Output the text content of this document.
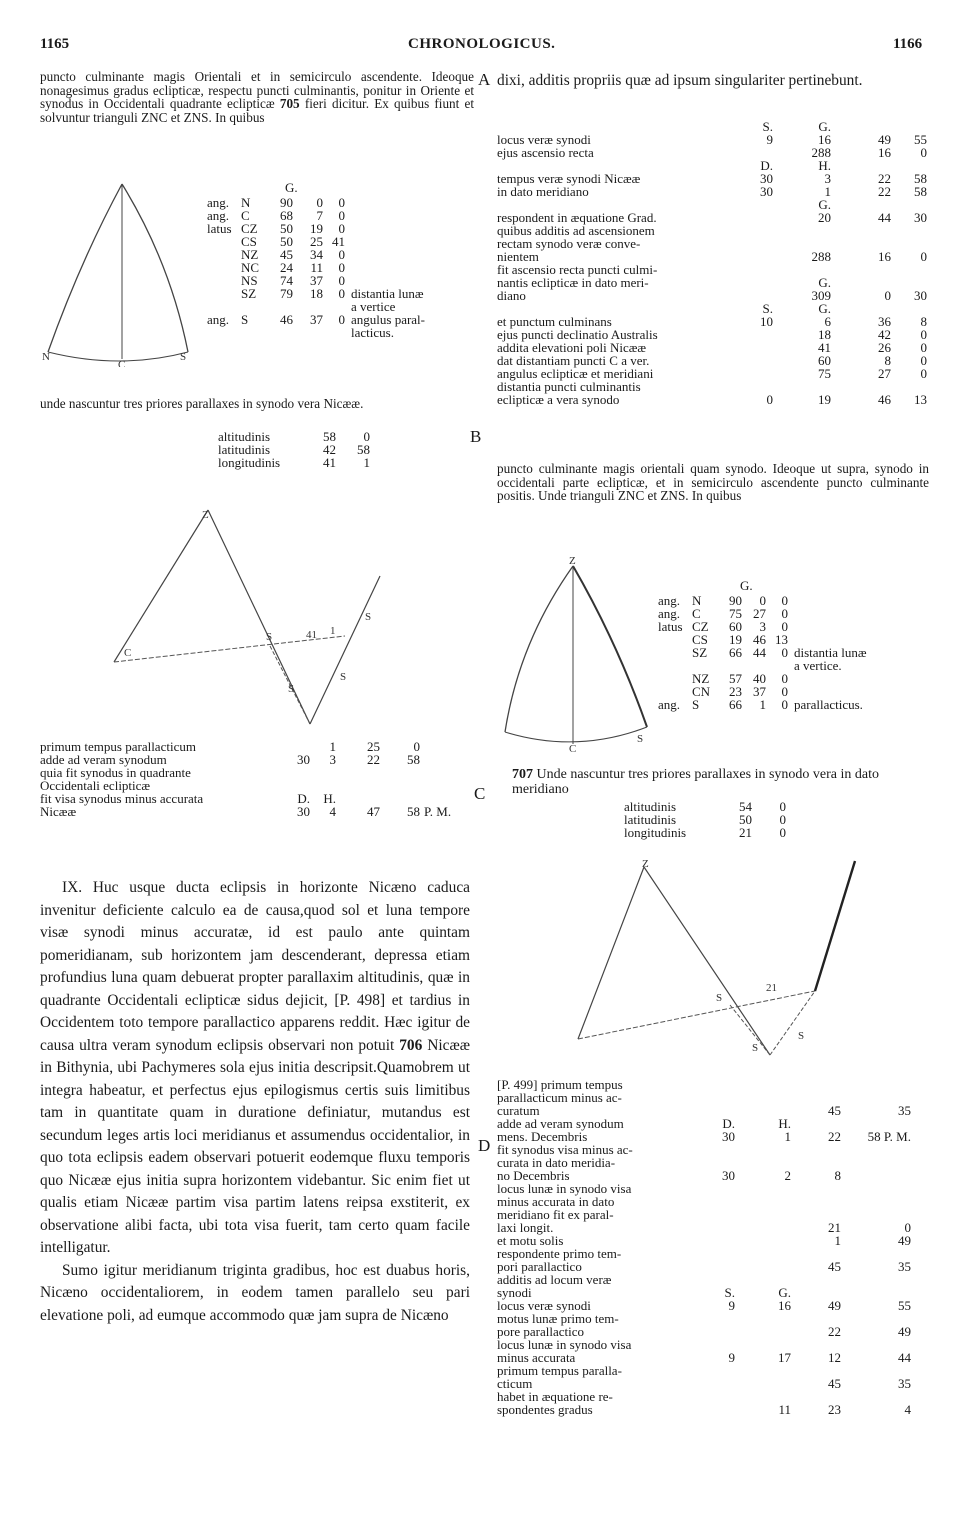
1165	CHRONOLOGICUS.	1166
A
B
C
D

puncto culminante magis Orientali et in semicirculo ascendente. Ideoque nonagesimus gradus eclipticæ, respectu puncti culminantis, ponitur in Oriente et synodus in Occidentali quadrante eclipticæ 705 fieri dicitur. Ex quibus fiunt et solvuntur trianguli ZNC et ZNS. In quibus

N
C
S
G.
ang.	N	90	0	0	
ang.	C	68	7	0	
latus	CZ	50	19	0	
	CS	50	25	41	
	NZ	45	34	0	
	NC	24	11	0	
	NS	74	37	0	
	SZ	79	18	0	distantia lunæ
					a vertice
ang.	S	46	37	0	angulus paral-
					lacticus.

unde nascuntur tres priores parallaxes in synodo vera Nicææ.

altitudinis	58	0
latitudinis	42	58
longitudinis	41	1
Z
C
S	41 1
S
S
S
primum tempus parallacticum		1	25	0	
adde ad veram synodum	30	3	22	58	
quia fit synodus in quadrante					
Occidentali eclipticæ					
fit visa synodus minus accurata	D.	H.			
Nicææ	30	4	47	58	P. M.

IX. Huc usque ducta eclipsis in horizonte Nicæno caduca invenitur deficiente calculo ea de causa,quod sol et luna tempore visæ synodi minus accuratæ, id est paulo ante quintam pomeridianam, sub horizontem jam descenderant, depressa etiam profundius luna quam debuerat propter parallaxim altitudinis, quæ in quadrante Occidentali eclipticæ sidus dejicit, [P. 498] et tardius in Occidentem toto tempore parallactico apparens reddit. Hæc igitur de causa ultra veram synodum eclipsis observari non potuit 706 Nicææ in Bithynia, ubi Pachymeres sola ejus initia descripsit.Quamobrem ut integra habeatur, et perfectus ejus epilogismus certis suis limitibus tam in quantitate quam in duratione definiatur, mutandus est secundum leges artis loci meridianus et assumendus occidentalior, in quo tota eclipsis eadem observari potuerit eodemque fluxu temporis quo Nicææ ejus initia supra horizontem videbantur. Sic enim fiet ut qualis etiam Nicææ partim visa partim latens reipsa exstiterit, ex observatione alibi facta, ubi tota visa fuerit, tam certo quam facile intelligatur.

Sumo igitur meridianum triginta gradibus, hoc est duabus horis, Nicæno occidentaliorem, in eodem tamen parallelo seu pari elevatione poli, ad eumque accommodo quæ jam supra de Nicæno

dixi, additis propriis quæ ad ipsum singulariter pertinebunt.

	S.	G.		
locus veræ synodi	9	16	49	55
ejus ascensio recta		288	16	0
	D.	H.		
tempus veræ synodi Nicææ	30	3	22	58
in dato meridiano	30	1	22	58
		G.		
respondent in æquatione Grad.		20	44	30
quibus additis ad ascensionem				
rectam synodo veræ conve-				
nientem		288	16	0
fit ascensio recta puncti culmi-				
nantis eclipticæ in dato meri-		G.		
diano		309	0	30
	S.	G.		
et punctum culminans	10	6	36	8
ejus puncti declinatio Australis		18	42	0
addita elevationi poli Nicææ		41	26	0
dat distantiam puncti C a ver.		60	8	0
angulus eclipticæ et meridiani		75	27	0
distantia puncti culminantis				
eclipticæ a vera synodo	0	19	46	13

puncto culminante magis orientali quam synodo. Ideoque ut supra, synodo in occidentali parte eclipticæ, et in semicirculo ascendente puncto culminante positis. Unde trianguli ZNC et ZNS. In quibus

Z
C
S
G.
ang.	N	90	0	0	
ang.	C	75	27	0	
latus	CZ	60	3	0	
	CS	19	46	13	
	SZ	66	44	0	distantia lunæ
					a vertice.
	NZ	57	40	0	
	CN	23	37	0	
ang.	S	66	1	0	parallacticus.

707 Unde nascuntur tres priores parallaxes in synodo vera in dato meridiano

altitudinis	54	0
latitudinis	50	0
longitudinis	21	0
Z
S
21
S
S
[P. 499] primum tempus				
parallacticum minus ac-				
curatum			45	35
adde ad veram synodum	D.	H.		
mens. Decembris	30	1	22	58 P. M.
fit synodus visa minus ac-				
curata in dato meridia-				
no Decembris	30	2	8	
locus lunæ in synodo visa				
minus accurata in dato				
meridiano fit ex paral-				
laxi longit.			21	0
et motu solis			1	49
respondente primo tem-				
pori parallactico			45	35
additis ad locum veræ				
synodi	S.	G.		
locus veræ synodi	9	16	49	55
motus lunæ primo tem-				
pore parallactico			22	49
locus lunæ in synodo visa				
minus accurata	9	17	12	44
primum tempus paralla-				
cticum			45	35
habet in æquatione re-				
spondentes gradus		11	23	4
